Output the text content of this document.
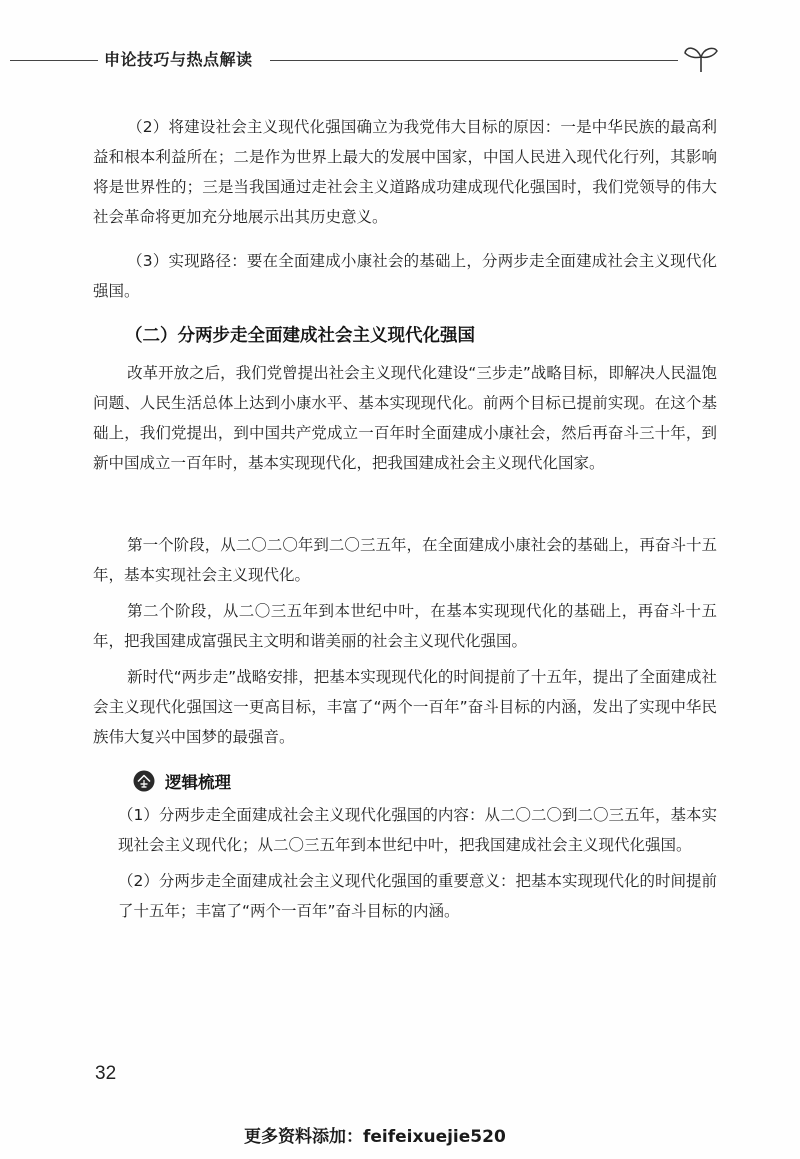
申论技巧与热点解读
（2）将建设社会主义现代化强国确立为我党伟大目标的原因：一是中华民族的最高利益和根本利益所在；二是作为世界上最大的发展中国家，中国人民进入现代化行列，其影响将是世界性的；三是当我国通过走社会主义道路成功建成现代化强国时，我们党领导的伟大社会革命将更加充分地展示出其历史意义。
（3）实现路径：要在全面建成小康社会的基础上，分两步走全面建成社会主义现代化强国。
（二）分两步走全面建成社会主义现代化强国
改革开放之后，我们党曾提出社会主义现代化建设“三步走”战略目标，即解决人民温饱问题、人民生活总体上达到小康水平、基本实现现代化。前两个目标已提前实现。在这个基础上，我们党提出，到中国共产党成立一百年时全面建成小康社会，然后再奋斗三十年，到新中国成立一百年时，基本实现现代化，把我国建成社会主义现代化国家。
第一个阶段，从二〇二〇年到二〇三五年，在全面建成小康社会的基础上，再奋斗十五年，基本实现社会主义现代化。
第二个阶段，从二〇三五年到本世纪中叶，在基本实现现代化的基础上，再奋斗十五年，把我国建成富强民主文明和谐美丽的社会主义现代化强国。
新时代“两步走”战略安排，把基本实现现代化的时间提前了十五年，提出了全面建成社会主义现代化强国这一更高目标，丰富了“两个一百年”奋斗目标的内涵，发出了实现中华民族伟大复兴中国梦的最强音。
逻辑梳理
（1）分两步走全面建成社会主义现代化强国的内容：从二〇二〇到二〇三五年，基本实现社会主义现代化；从二〇三五年到本世纪中叶，把我国建成社会主义现代化强国。
（2）分两步走全面建成社会主义现代化强国的重要意义：把基本实现现代化的时间提前了十五年；丰富了“两个一百年”奋斗目标的内涵。
32
更多资料添加：feifeixuejie520
